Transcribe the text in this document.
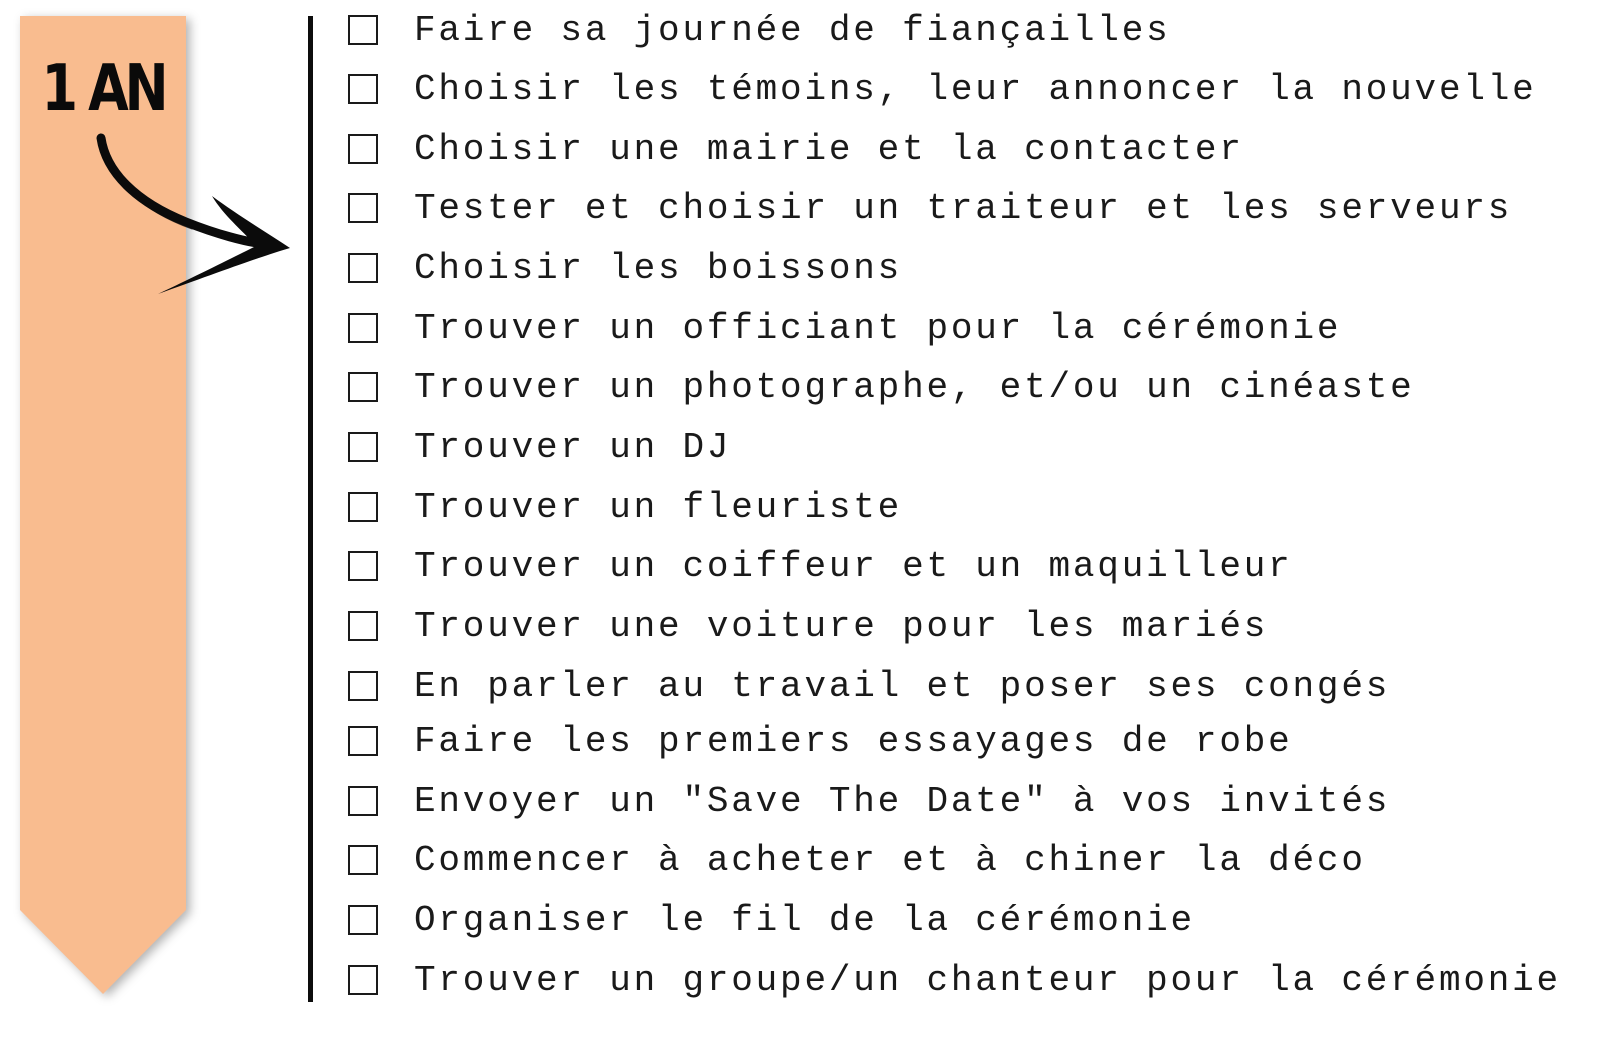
1 AN
Faire sa journée de fiançailles
Choisir les témoins, leur annoncer la nouvelle
Choisir une mairie et la contacter
Tester et choisir un traiteur et les serveurs
Choisir les boissons
Trouver un officiant pour la cérémonie
Trouver un photographe, et/ou un cinéaste
Trouver un DJ
Trouver un fleuriste
Trouver un coiffeur et un maquilleur
Trouver une voiture pour les mariés
En parler au travail et poser ses congés
Faire les premiers essayages de robe
Envoyer un "Save The Date" à vos invités
Commencer à acheter et à chiner la déco
Organiser le fil de la cérémonie
Trouver un groupe/un chanteur pour la cérémonie
